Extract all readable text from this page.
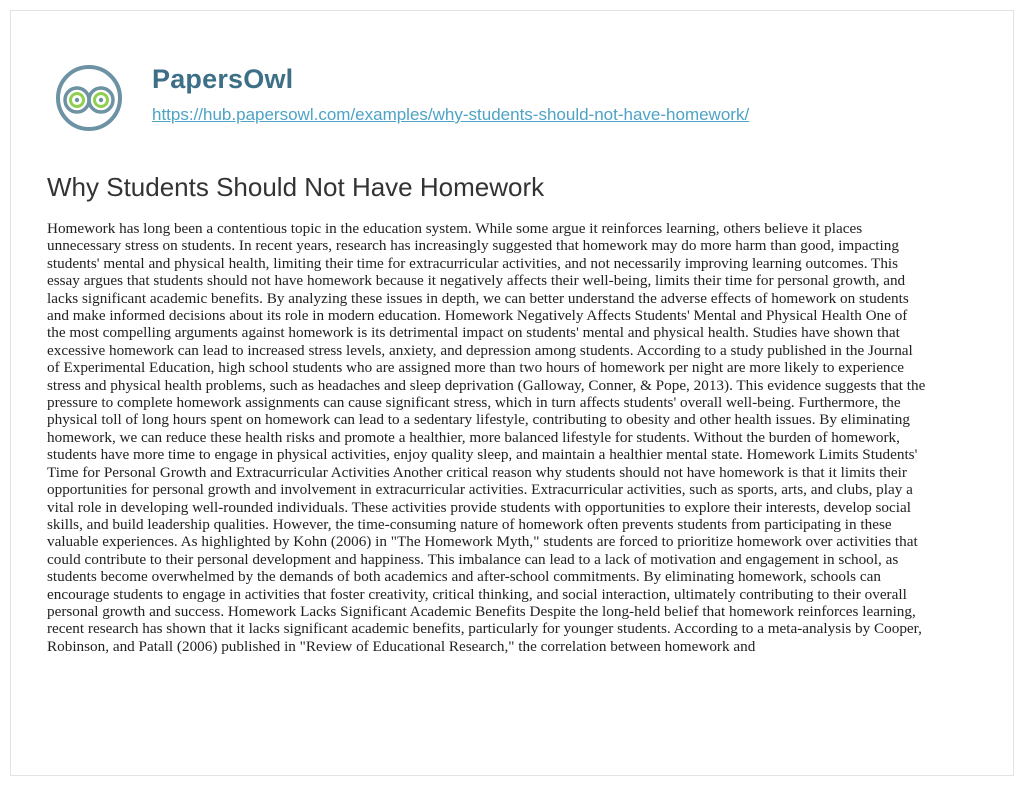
PapersOwl
https://hub.papersowl.com/examples/why-students-should-not-have-homework/
Why Students Should Not Have Homework
Homework has long been a contentious topic in the education system. While some argue it reinforces learning, others believe it places
unnecessary stress on students. In recent years, research has increasingly suggested that homework may do more harm than good, impacting
students' mental and physical health, limiting their time for extracurricular activities, and not necessarily improving learning outcomes. This
essay argues that students should not have homework because it negatively affects their well-being, limits their time for personal growth, and
lacks significant academic benefits. By analyzing these issues in depth, we can better understand the adverse effects of homework on students
and make informed decisions about its role in modern education. Homework Negatively Affects Students' Mental and Physical Health One of
the most compelling arguments against homework is its detrimental impact on students' mental and physical health. Studies have shown that
excessive homework can lead to increased stress levels, anxiety, and depression among students. According to a study published in the Journal
of Experimental Education, high school students who are assigned more than two hours of homework per night are more likely to experience
stress and physical health problems, such as headaches and sleep deprivation (Galloway, Conner, & Pope, 2013). This evidence suggests that the
pressure to complete homework assignments can cause significant stress, which in turn affects students' overall well-being. Furthermore, the
physical toll of long hours spent on homework can lead to a sedentary lifestyle, contributing to obesity and other health issues. By eliminating
homework, we can reduce these health risks and promote a healthier, more balanced lifestyle for students. Without the burden of homework,
students have more time to engage in physical activities, enjoy quality sleep, and maintain a healthier mental state. Homework Limits Students'
Time for Personal Growth and Extracurricular Activities Another critical reason why students should not have homework is that it limits their
opportunities for personal growth and involvement in extracurricular activities. Extracurricular activities, such as sports, arts, and clubs, play a
vital role in developing well-rounded individuals. These activities provide students with opportunities to explore their interests, develop social
skills, and build leadership qualities. However, the time-consuming nature of homework often prevents students from participating in these
valuable experiences. As highlighted by Kohn (2006) in "The Homework Myth," students are forced to prioritize homework over activities that
could contribute to their personal development and happiness. This imbalance can lead to a lack of motivation and engagement in school, as
students become overwhelmed by the demands of both academics and after-school commitments. By eliminating homework, schools can
encourage students to engage in activities that foster creativity, critical thinking, and social interaction, ultimately contributing to their overall
personal growth and success. Homework Lacks Significant Academic Benefits Despite the long-held belief that homework reinforces learning,
recent research has shown that it lacks significant academic benefits, particularly for younger students. According to a meta-analysis by Cooper,
Robinson, and Patall (2006) published in "Review of Educational Research," the correlation between homework and
